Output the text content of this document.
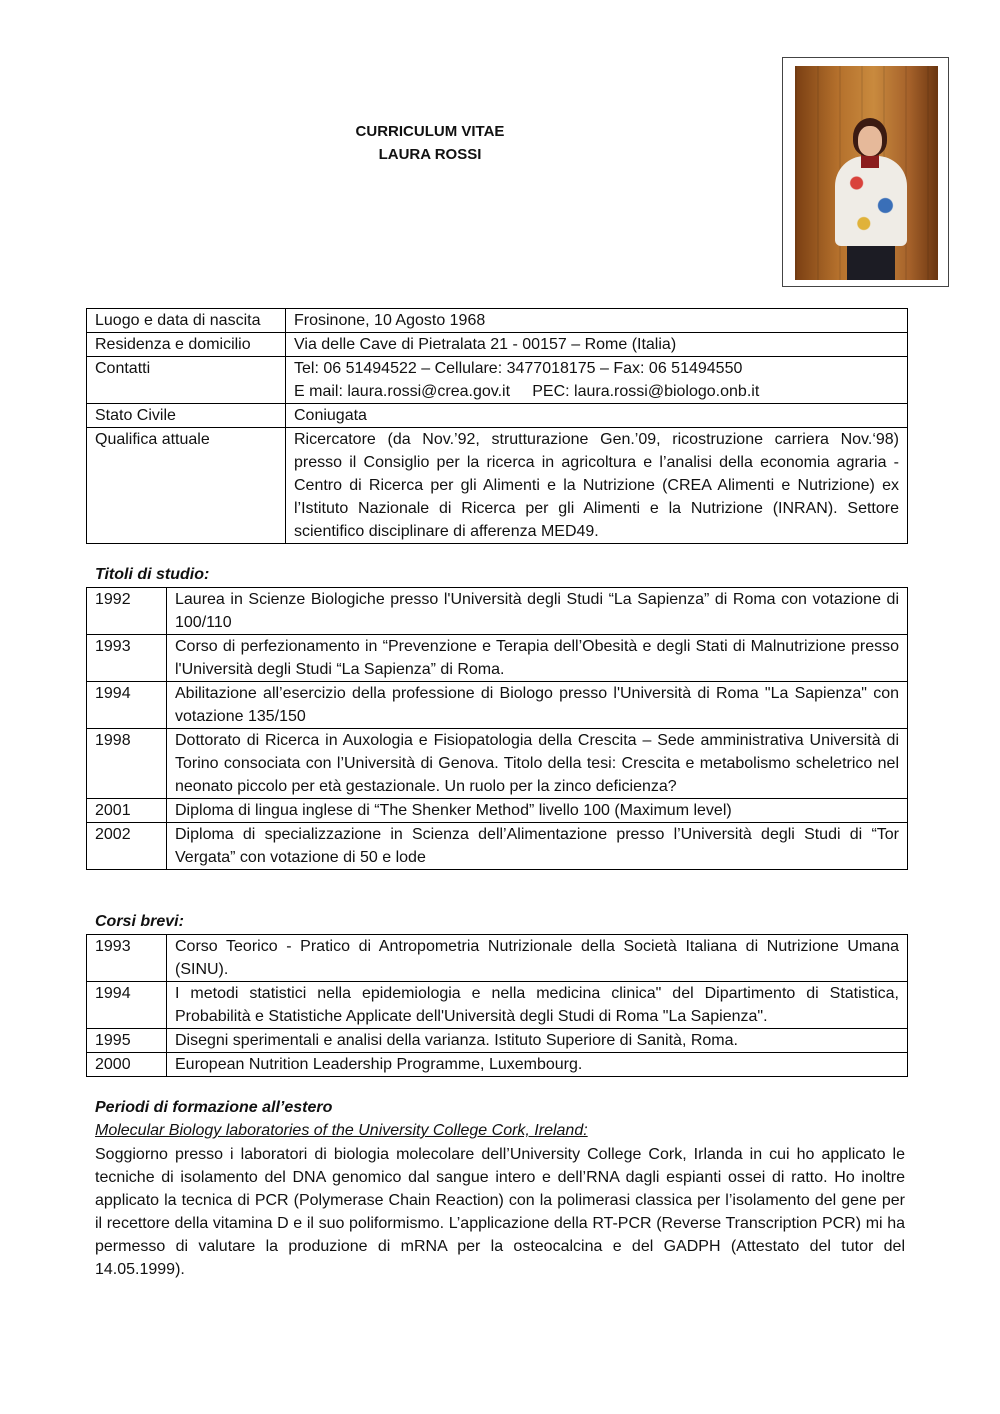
CURRICULUM VITAE
LAURA ROSSI
Luogo e data di nascita	Frosinone, 10 Agosto 1968
Residenza e domicilio	Via delle Cave di Pietralata 21 - 00157 – Rome (Italia)
Contatti	Tel: 06 51494522 – Cellulare: 3477018175 – Fax: 06 51494550
E mail: laura.rossi@crea.gov.it     PEC: laura.rossi@biologo.onb.it

Stato Civile	Coniugata
Qualifica attuale	Ricercatore (da Nov.’92, strutturazione Gen.’09, ricostruzione carriera Nov.‘98) presso il Consiglio per la ricerca in agricoltura e l’analisi della economia agraria - Centro di Ricerca per gli Alimenti e la Nutrizione (CREA Alimenti e Nutrizione) ex l’Istituto Nazionale di Ricerca per gli Alimenti e la Nutrizione (INRAN). Settore scientifico disciplinare di afferenza MED49.
Titoli di studio:
1992	Laurea in Scienze Biologiche presso l'Università degli Studi “La Sapienza” di Roma con votazione di 100/110
1993	Corso di perfezionamento in “Prevenzione e Terapia dell’Obesità e degli Stati di Malnutrizione presso l'Università degli Studi “La Sapienza” di Roma.
1994	Abilitazione all’esercizio della professione di Biologo presso l'Università di Roma "La Sapienza" con votazione 135/150
1998	Dottorato di Ricerca in Auxologia e Fisiopatologia della Crescita – Sede amministrativa Università di Torino consociata con l’Università di Genova. Titolo della tesi: Crescita e metabolismo scheletrico nel neonato piccolo per età gestazionale. Un ruolo per la zinco deficienza?
2001	Diploma di lingua inglese di “The Shenker Method” livello 100 (Maximum level)
2002	Diploma di specializzazione in Scienza dell’Alimentazione presso l’Università degli Studi di “Tor Vergata” con votazione di 50 e lode
Corsi brevi:
1993	Corso Teorico - Pratico di Antropometria Nutrizionale della Società Italiana di Nutrizione Umana (SINU).
1994	I metodi statistici nella epidemiologia e nella medicina clinica" del Dipartimento di Statistica, Probabilità e Statistiche Applicate dell'Università degli Studi di Roma "La Sapienza".
1995	Disegni sperimentali e analisi della varianza. Istituto Superiore di Sanità, Roma.
2000	European Nutrition Leadership Programme, Luxembourg.
Periodi di formazione all’estero
Molecular Biology laboratories of the University College Cork, Ireland:
Soggiorno presso i laboratori di biologia molecolare dell’University College Cork, Irlanda in cui ho applicato le tecniche di isolamento del DNA genomico dal sangue intero e dell’RNA dagli espianti ossei di ratto. Ho inoltre applicato la tecnica di PCR (Polymerase Chain Reaction) con la polimerasi classica per l’isolamento del gene per il recettore della vitamina D e il suo poliformismo. L’applicazione della RT-PCR (Reverse Transcription PCR) mi ha permesso di valutare la produzione di mRNA per la osteocalcina e del GADPH (Attestato del tutor del 14.05.1999).
